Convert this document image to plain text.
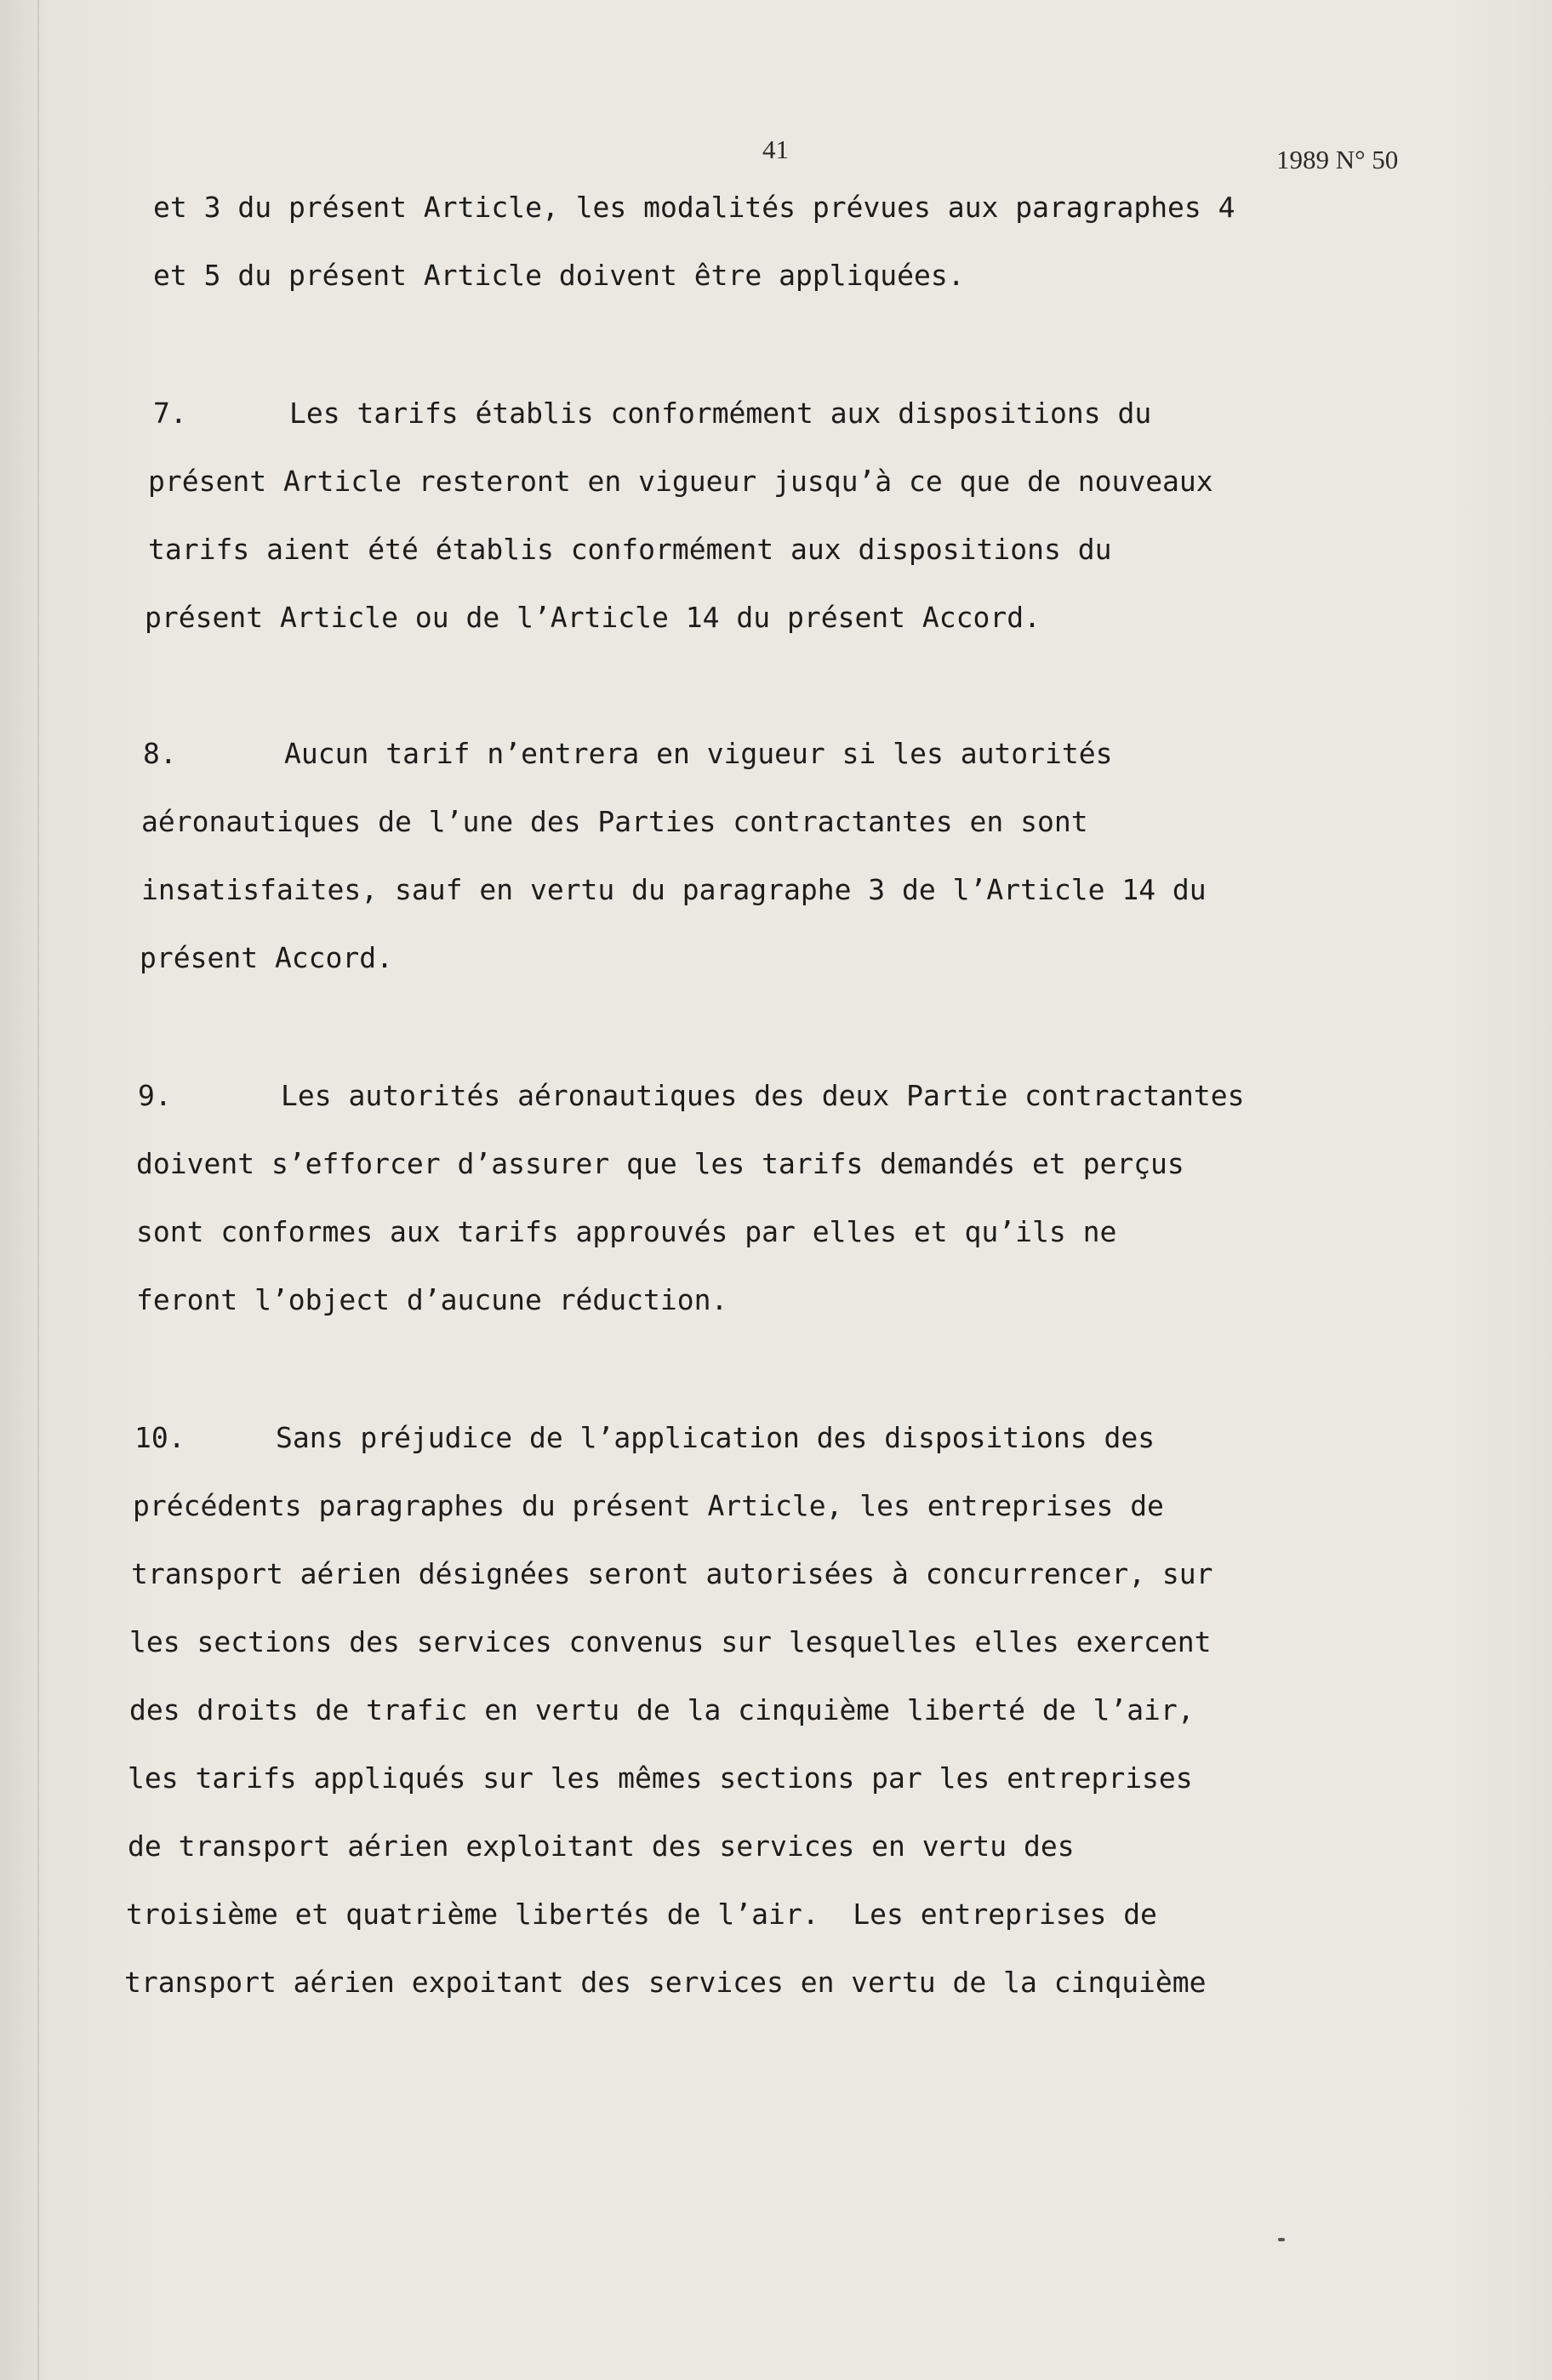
41	1989 N° 50

et 3 du présent Article, les modalités prévues aux paragraphes 4

et 5 du présent Article doivent être appliquées.

7.	Les tarifs établis conformément aux dispositions du

présent Article resteront en vigueur jusqu’à ce que de nouveaux

tarifs aient été établis conformément aux dispositions du

présent Article ou de l’Article 14 du présent Accord.

8.	Aucun tarif n’entrera en vigueur si les autorités

aéronautiques de l’une des Parties contractantes en sont

insatisfaites, sauf en vertu du paragraphe 3 de l’Article 14 du

présent Accord.

9.	Les autorités aéronautiques des deux Partie contractantes

doivent s’efforcer d’assurer que les tarifs demandés et perçus

sont conformes aux tarifs approuvés par elles et qu’ils ne

feront l’object d’aucune réduction.

10.	Sans préjudice de l’application des dispositions des

précédents paragraphes du présent Article, les entreprises de

transport aérien désignées seront autorisées à concurrencer, sur

les sections des services convenus sur lesquelles elles exercent

des droits de trafic en vertu de la cinquième liberté de l’air,

les tarifs appliqués sur les mêmes sections par les entreprises

de transport aérien exploitant des services en vertu des

troisième et quatrième libertés de l’air.  Les entreprises de

transport aérien expoitant des services en vertu de la cinquième
